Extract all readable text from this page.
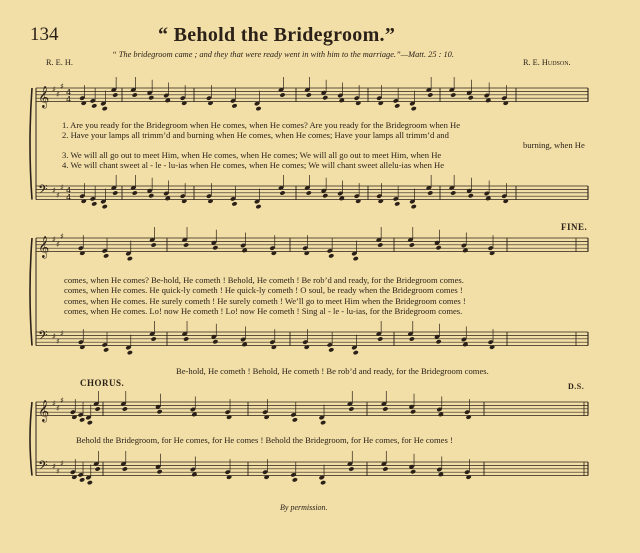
134	“ Behold the Bridegroom.”
“ The bridegroom came ; and they that were ready went in with him to the marriage.”—Matt. 25 : 10.
R. E. H.	R. E. Hudson.
1. Are you ready for the Bridegroom when He comes, when He comes? Are you ready for the Bridegroom when He
2. Have your lamps all trimm’d and burning when He comes, when He comes; Have your lamps all trimm’d and
burning, when He
3. We will all go out to meet Him, when He comes, when He comes; We will all go out to meet Him, when He
4. We will chant sweet al - le - lu-ias when He comes, when He comes; We will chant sweet allelu-ias when He
FINE.
comes, when He comes? Be-hold, He cometh ! Behold, He cometh ! Be rob’d and ready, for the Bridegroom comes.
comes, when He comes. He quick-ly cometh ! He quick-ly cometh ! O soul, be ready when the Bridegroom comes !
comes, when He comes. He surely cometh ! He surely cometh ! We’ll go to meet Him when the Bridegroom comes !
comes, when He comes. Lo! now He cometh ! Lo! now He cometh ! Sing al - le - lu-ias, for the Bridegroom comes.
Be-hold, He cometh ! Behold, He cometh ! Be rob’d and ready, for the Bridegroom comes.
CHORUS.	D.S.
Behold the Bridegroom, for He comes, for He comes ! Behold the Bridegroom, for He comes, for He comes !
By permission.
𝄞
𝄢
♯
♯
♯
♯
♯
♯
4
4
4
4
𝄞
𝄢
♯
♯
♯
♯
♯
♯
𝄞
𝄢
♯
♯
♯
♯
♯
♯
